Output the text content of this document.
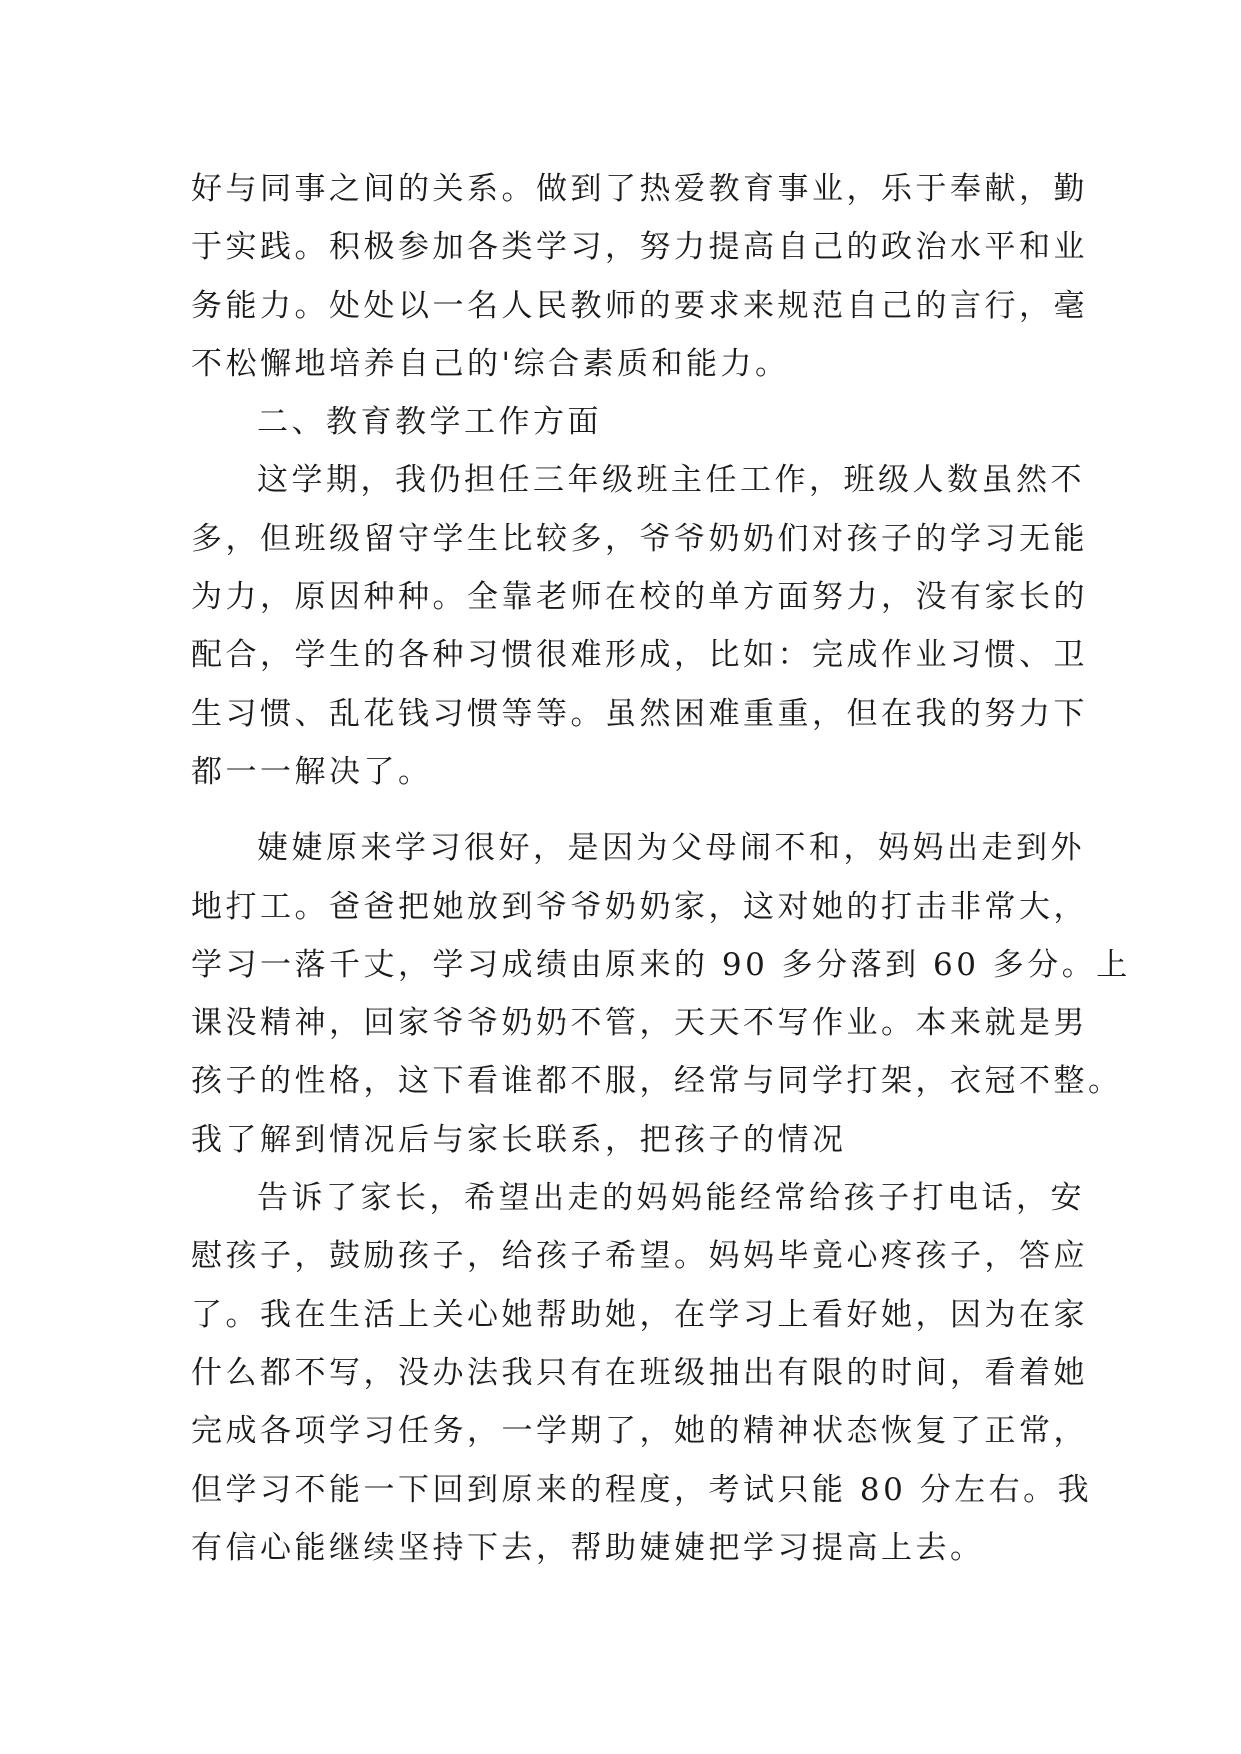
好与同事之间的关系。做到了热爱教育事业，乐于奉献，勤
于实践。积极参加各类学习，努力提高自己的政治水平和业
务能力。处处以一名人民教师的要求来规范自己的言行，毫
不松懈地培养自己的'综合素质和能力。
二、教育教学工作方面
这学期，我仍担任三年级班主任工作，班级人数虽然不
多，但班级留守学生比较多，爷爷奶奶们对孩子的学习无能
为力，原因种种。全靠老师在校的单方面努力，没有家长的
配合，学生的各种习惯很难形成，比如：完成作业习惯、卫
生习惯、乱花钱习惯等等。虽然困难重重，但在我的努力下
都一一解决了。
婕婕原来学习很好，是因为父母闹不和，妈妈出走到外
地打工。爸爸把她放到爷爷奶奶家，这对她的打击非常大，
学习一落千丈，学习成绩由原来的 90 多分落到 60 多分。上
课没精神，回家爷爷奶奶不管，天天不写作业。本来就是男
孩子的性格，这下看谁都不服，经常与同学打架，衣冠不整。
我了解到情况后与家长联系，把孩子的情况
告诉了家长，希望出走的妈妈能经常给孩子打电话，安
慰孩子，鼓励孩子，给孩子希望。妈妈毕竟心疼孩子，答应
了。我在生活上关心她帮助她，在学习上看好她，因为在家
什么都不写，没办法我只有在班级抽出有限的时间，看着她
完成各项学习任务，一学期了，她的精神状态恢复了正常，
但学习不能一下回到原来的程度，考试只能 80 分左右。我
有信心能继续坚持下去，帮助婕婕把学习提高上去。
